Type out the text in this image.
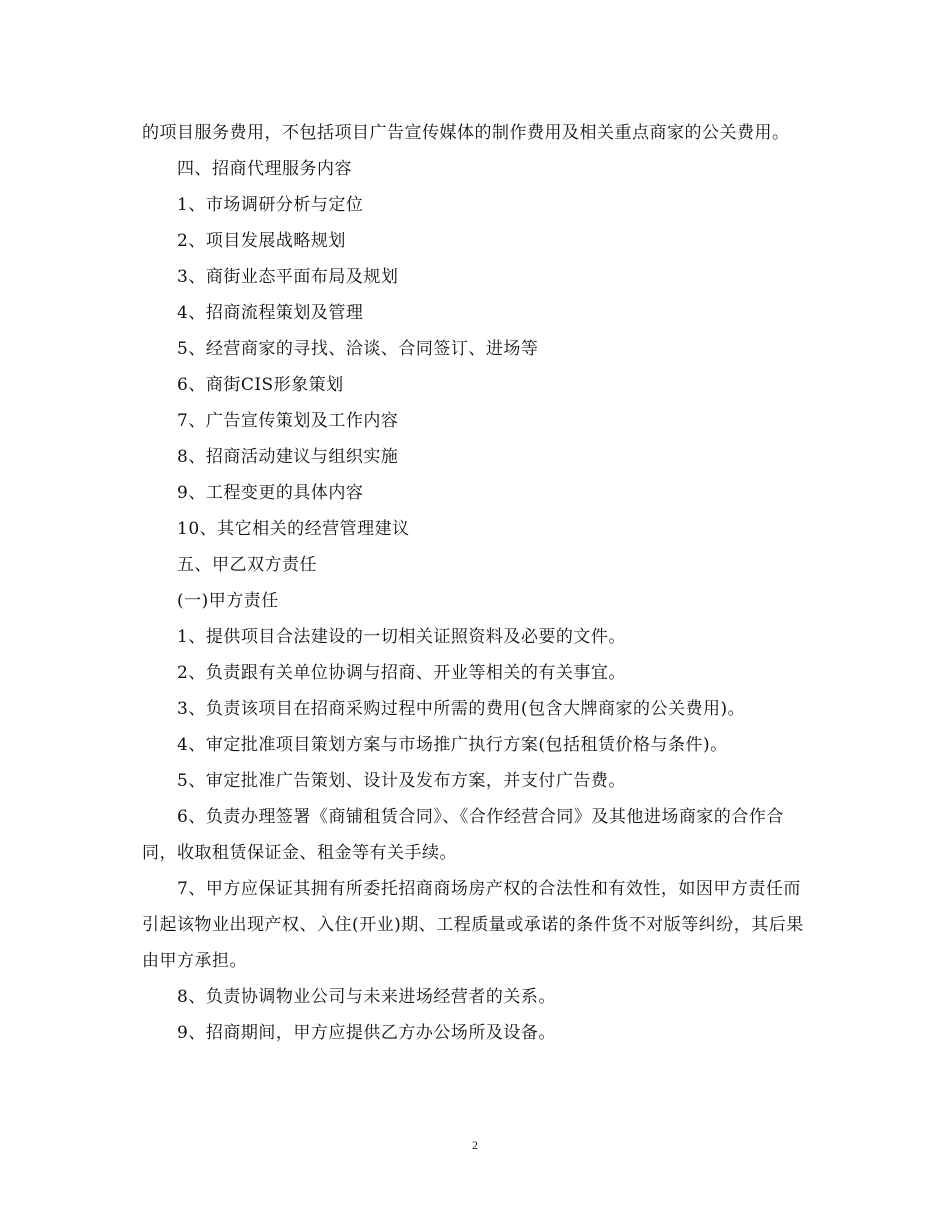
的项目服务费用，不包括项目广告宣传媒体的制作费用及相关重点商家的公关费用。

四、招商代理服务内容

1、市场调研分析与定位

2、项目发展战略规划

3、商街业态平面布局及规划

4、招商流程策划及管理

5、经营商家的寻找、洽谈、合同签订、进场等

6、商街CIS形象策划

7、广告宣传策划及工作内容

8、招商活动建议与组织实施

9、工程变更的具体内容

10、其它相关的经营管理建议

五、甲乙双方责任

(一)甲方责任

1、提供项目合法建设的一切相关证照资料及必要的文件。

2、负责跟有关单位协调与招商、开业等相关的有关事宜。

3、负责该项目在招商采购过程中所需的费用(包含大牌商家的公关费用)。

4、审定批准项目策划方案与市场推广执行方案(包括租赁价格与条件)。

5、审定批准广告策划、设计及发布方案，并支付广告费。

6、负责办理签署《商铺租赁合同》、《合作经营合同》及其他进场商家的合作合同，收取租赁保证金、租金等有关手续。

7、甲方应保证其拥有所委托招商商场房产权的合法性和有效性，如因甲方责任而引起该物业出现产权、入住(开业)期、工程质量或承诺的条件货不对版等纠纷，其后果由甲方承担。

8、负责协调物业公司与未来进场经营者的关系。

9、招商期间，甲方应提供乙方办公场所及设备。

2
